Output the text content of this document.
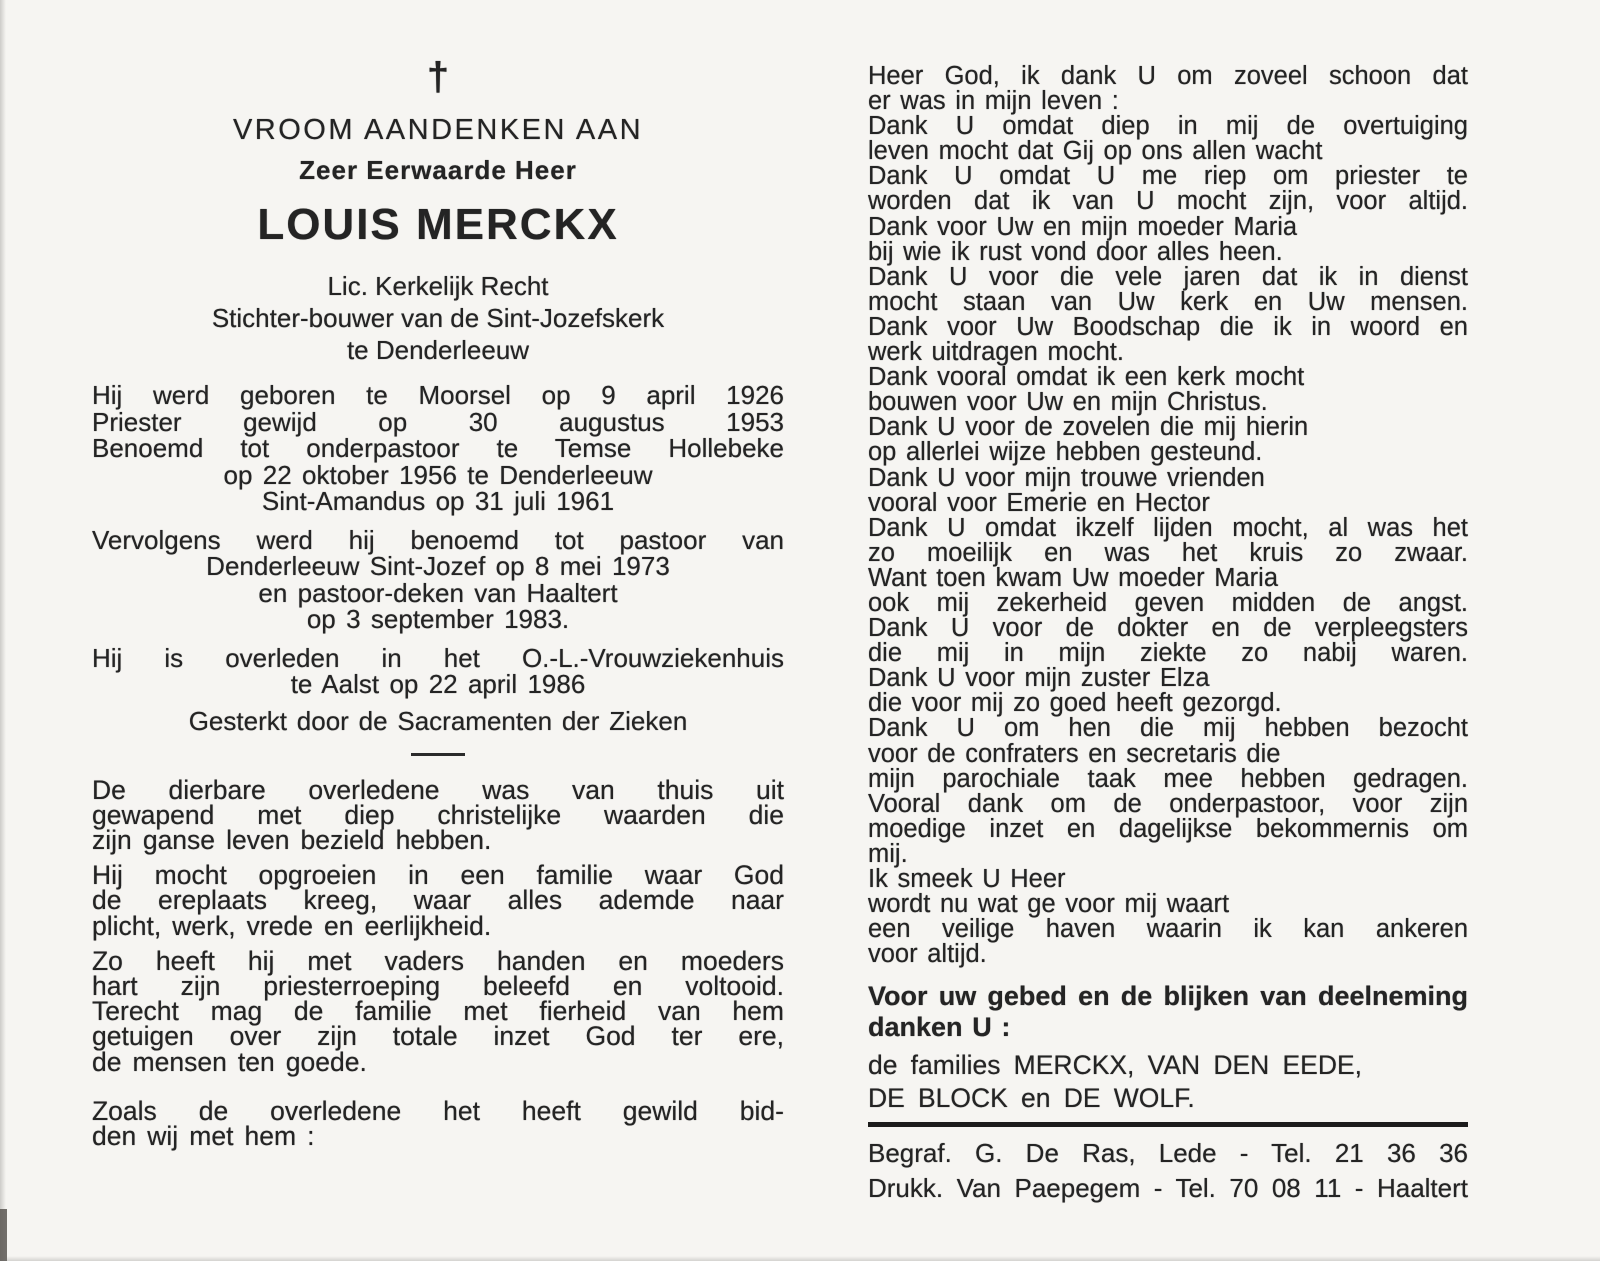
†
VROOM AANDENKEN AAN
Zeer Eerwaarde Heer
LOUIS MERCKX
Lic. Kerkelijk Recht
Stichter-bouwer van de Sint-Jozefskerk
te Denderleeuw
Hij werd geboren te Moorsel op 9 april 1926
Priester gewijd op 30 augustus 1953
Benoemd tot onderpastoor te Temse Hollebeke
op 22 oktober 1956 te Denderleeuw
Sint-Amandus op 31 juli 1961
Vervolgens werd hij benoemd tot pastoor van
Denderleeuw Sint-Jozef op 8 mei 1973
en pastoor-deken van Haaltert
op 3 september 1983.
Hij is overleden in het O.-L.-Vrouwziekenhuis
te Aalst op 22 april 1986
Gesterkt door de Sacramenten der Zieken
De dierbare overledene was van thuis uit
gewapend met diep christelijke waarden die
zijn ganse leven bezield hebben.
Hij mocht opgroeien in een familie waar God
de ereplaats kreeg, waar alles ademde naar
plicht, werk, vrede en eerlijkheid.
Zo heeft hij met vaders handen en moeders
hart zijn priesterroeping beleefd en voltooid.
Terecht mag de familie met fierheid van hem
getuigen over zijn totale inzet God ter ere,
de mensen ten goede.
Zoals de overledene het heeft gewild bid-
den wij met hem :
Heer God, ik dank U om zoveel schoon dat
er was in mijn leven :
Dank U omdat diep in mij de overtuiging
leven mocht dat Gij op ons allen wacht
Dank U omdat U me riep om priester te
worden dat ik van U mocht zijn, voor altijd.
Dank voor Uw en mijn moeder Maria
bij wie ik rust vond door alles heen.
Dank U voor die vele jaren dat ik in dienst
mocht staan van Uw kerk en Uw mensen.
Dank voor Uw Boodschap die ik in woord en
werk uitdragen mocht.
Dank vooral omdat ik een kerk mocht
bouwen voor Uw en mijn Christus.
Dank U voor de zovelen die mij hierin
op allerlei wijze hebben gesteund.
Dank U voor mijn trouwe vrienden
vooral voor Emerie en Hector
Dank U omdat ikzelf lijden mocht, al was het
zo moeilijk en was het kruis zo zwaar.
Want toen kwam Uw moeder Maria
ook mij zekerheid geven midden de angst.
Dank U voor de dokter en de verpleegsters
die mij in mijn ziekte zo nabij waren.
Dank U voor mijn zuster Elza
die voor mij zo goed heeft gezorgd.
Dank U om hen die mij hebben bezocht
voor de confraters en secretaris die
mijn parochiale taak mee hebben gedragen.
Vooral dank om de onderpastoor, voor zijn
moedige inzet en dagelijkse bekommernis om
mij.
Ik smeek U Heer
wordt nu wat ge voor mij waart
een veilige haven waarin ik kan ankeren
voor altijd.
Voor uw gebed en de blijken van deelneming
danken U :
de families MERCKX, VAN DEN EEDE,
DE BLOCK en DE WOLF.
Begraf. G. De Ras, Lede - Tel. 21 36 36
Drukk. Van Paepegem - Tel. 70 08 11 - Haaltert
